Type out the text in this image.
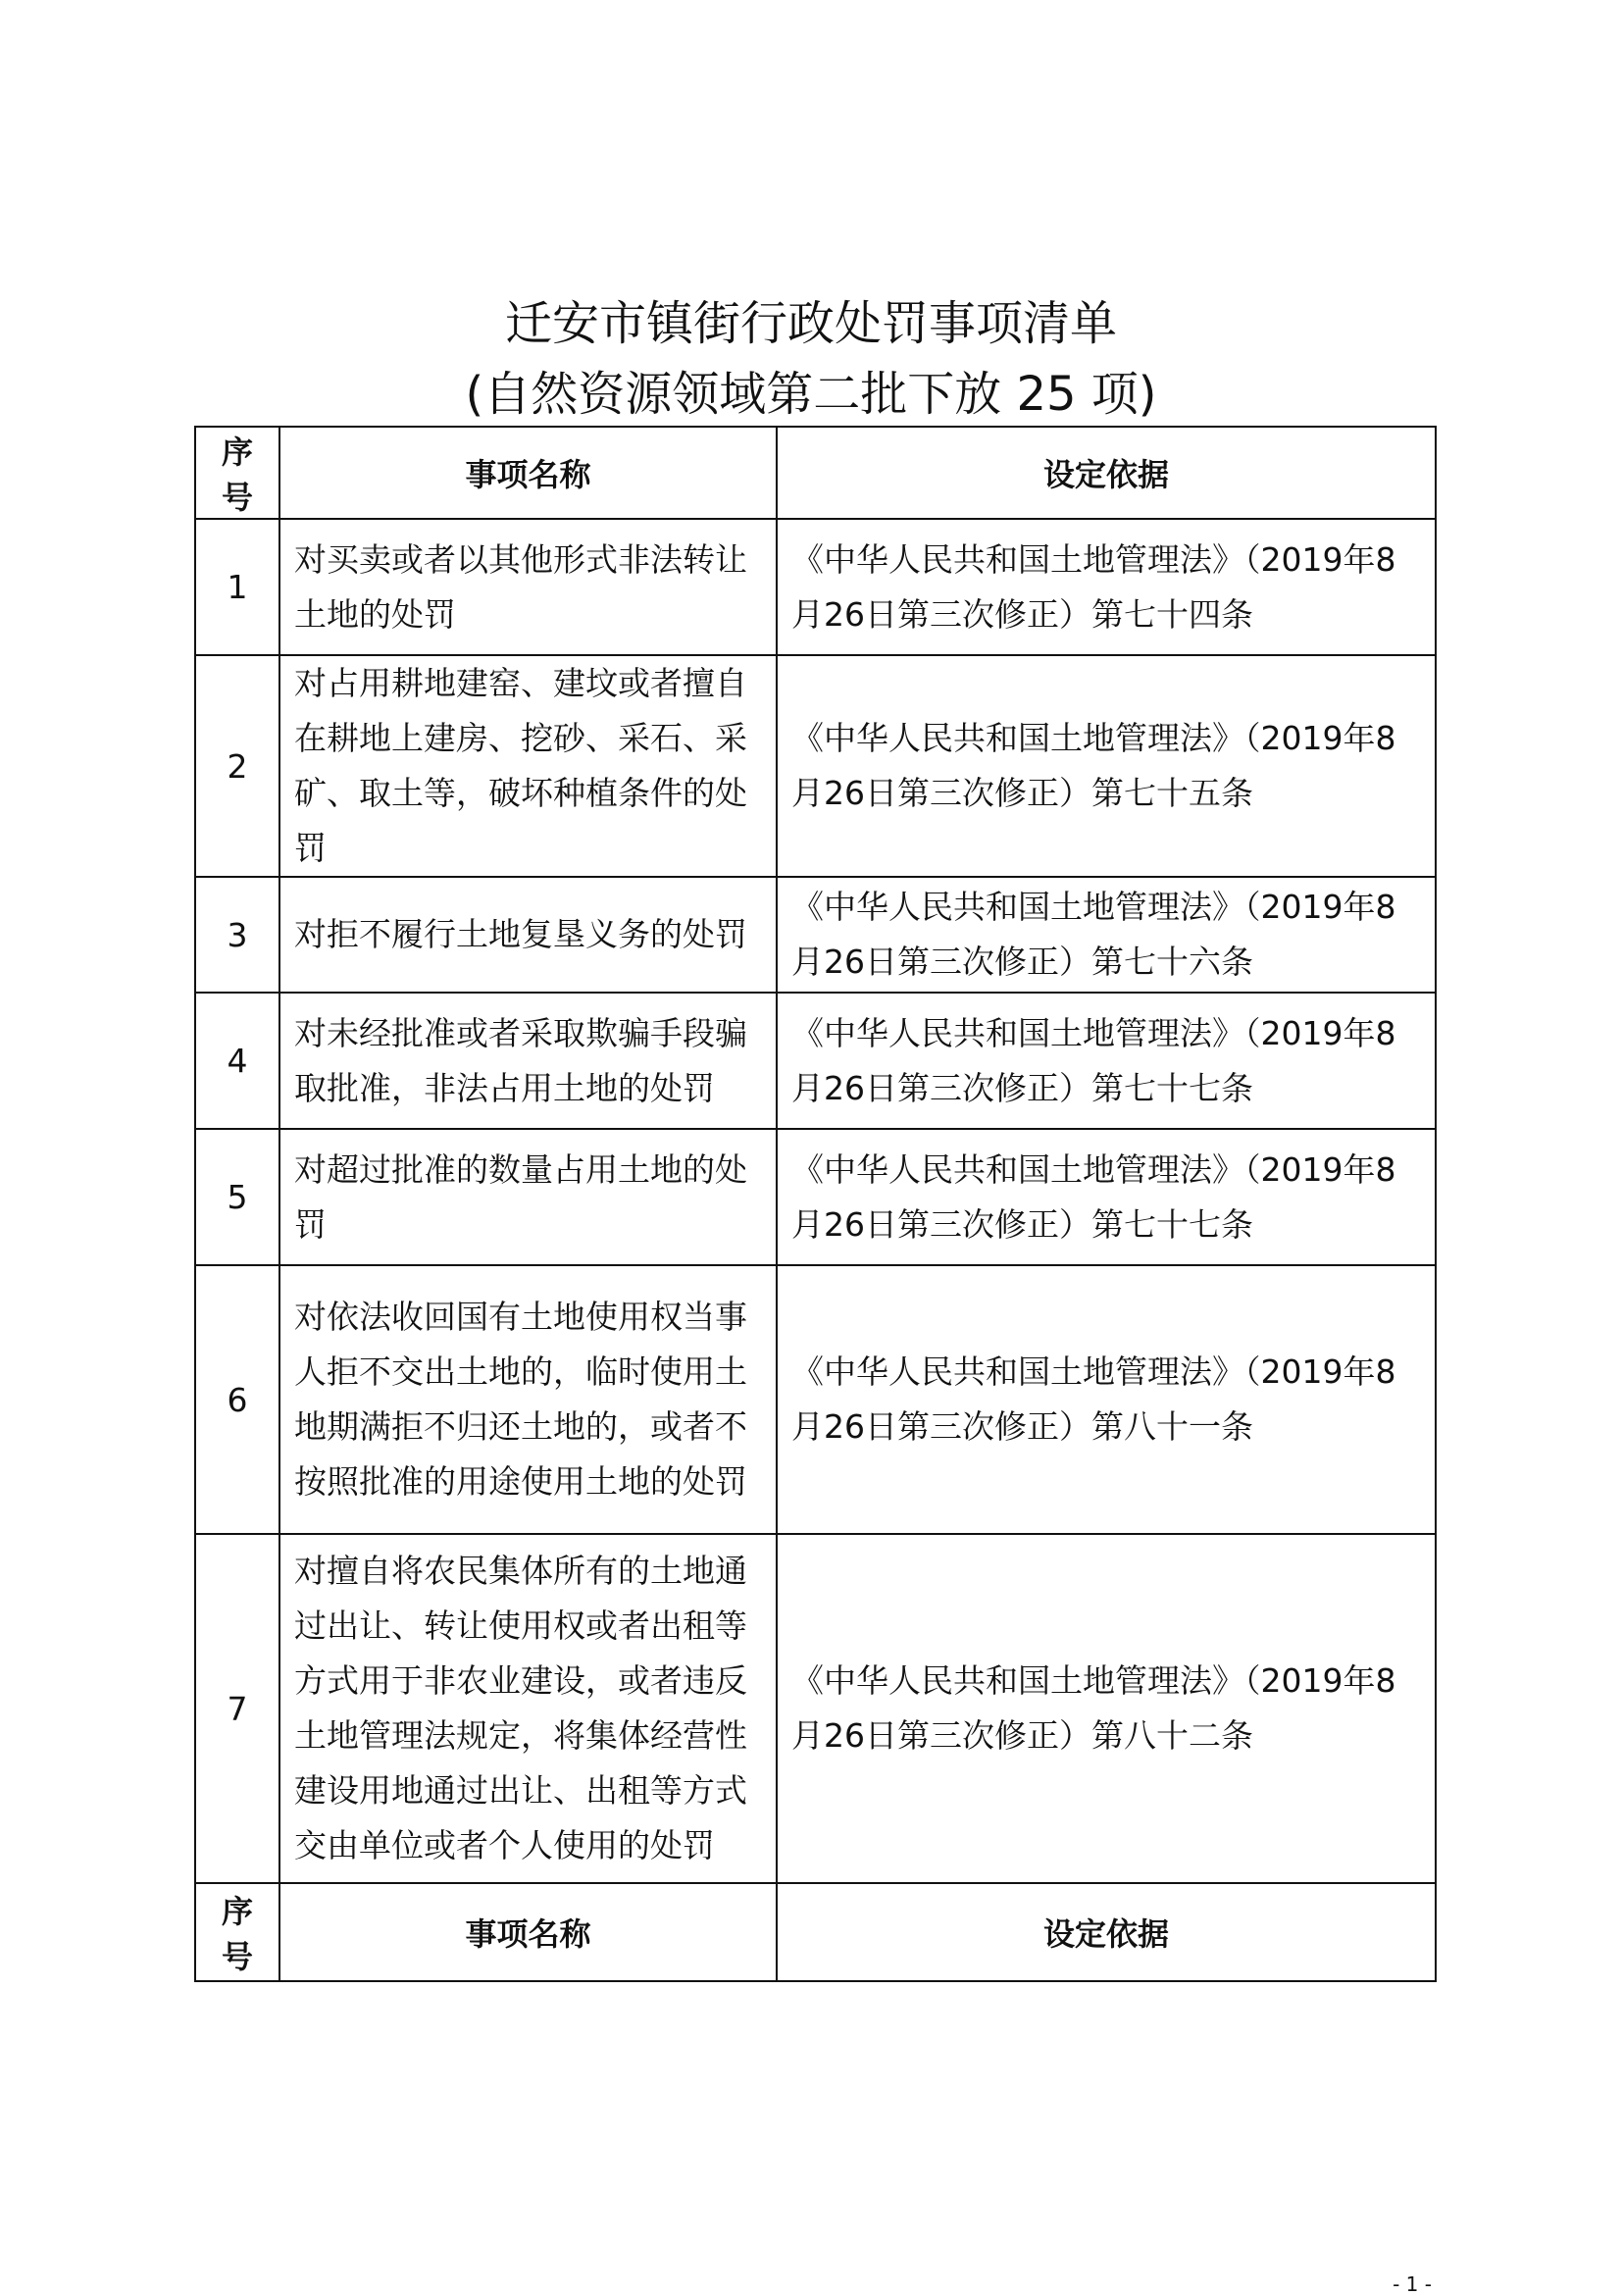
迁安市镇街行政处罚事项清单
(自然资源领域第二批下放 25 项)
序号	事项名称	设定依据
1	对买卖或者以其他形式非法转让土地的处罚	《中华人民共和国土地管理法》（2019年8月26日第三次修正）第七十四条
2	对占用耕地建窑、建坟或者擅自在耕地上建房、挖砂、采石、采矿、取土等，破坏种植条件的处罚	《中华人民共和国土地管理法》（2019年8月26日第三次修正）第七十五条
3	对拒不履行土地复垦义务的处罚	《中华人民共和国土地管理法》（2019年8月26日第三次修正）第七十六条
4	对未经批准或者采取欺骗手段骗取批准，非法占用土地的处罚	《中华人民共和国土地管理法》（2019年8月26日第三次修正）第七十七条
5	对超过批准的数量占用土地的处罚	《中华人民共和国土地管理法》（2019年8月26日第三次修正）第七十七条
6	对依法收回国有土地使用权当事人拒不交出土地的，临时使用土地期满拒不归还土地的，或者不按照批准的用途使用土地的处罚	《中华人民共和国土地管理法》（2019年8月26日第三次修正）第八十一条
7	对擅自将农民集体所有的土地通过出让、转让使用权或者出租等方式用于非农业建设，或者违反土地管理法规定，将集体经营性建设用地通过出让、出租等方式交由单位或者个人使用的处罚	《中华人民共和国土地管理法》（2019年8月26日第三次修正）第八十二条
序号	事项名称	设定依据
- 1 -
